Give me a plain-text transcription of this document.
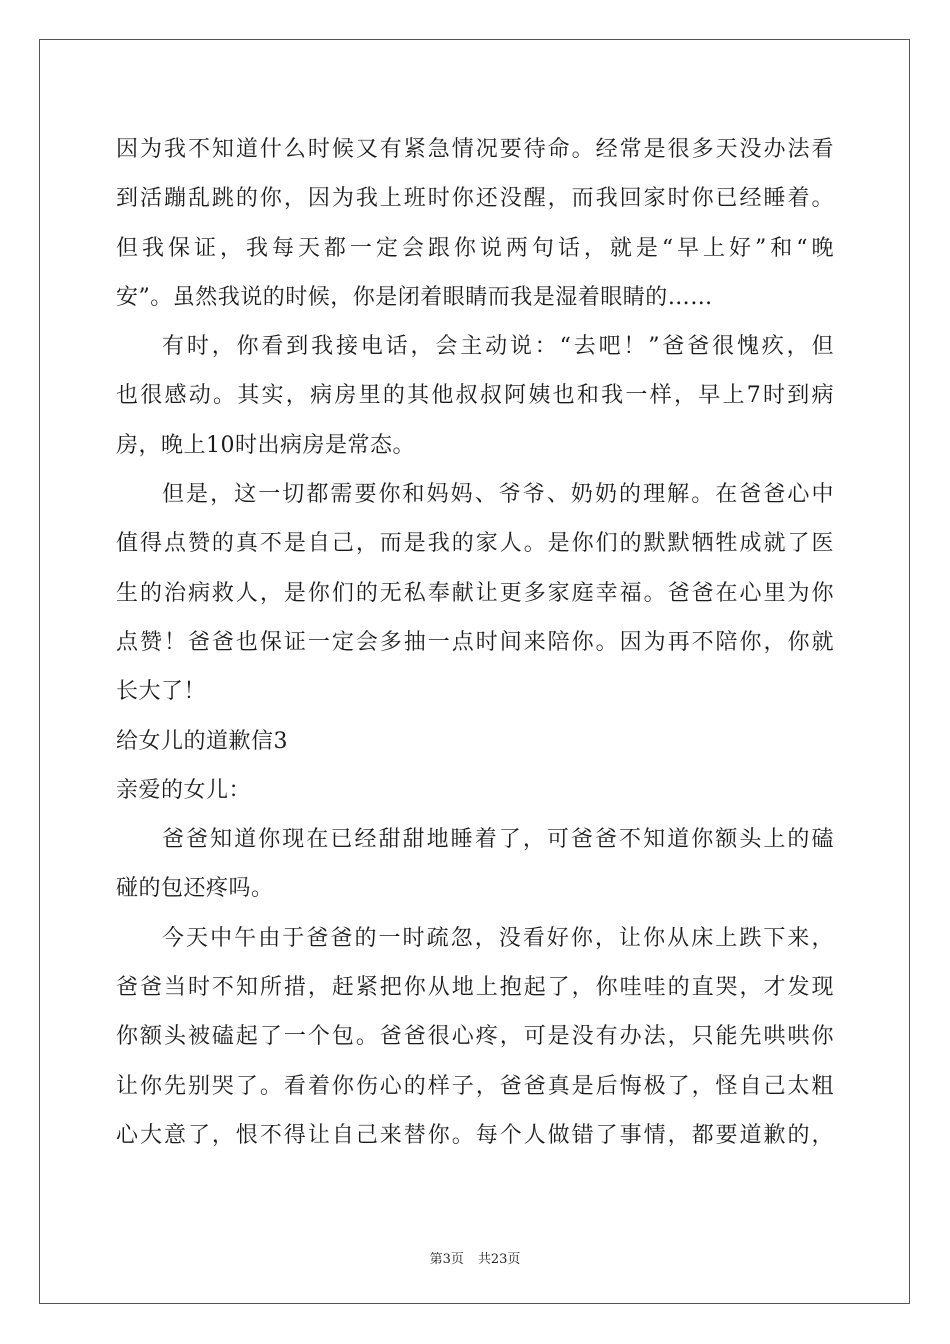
因为我不知道什么时候又有紧急情况要待命。经常是很多天没办法看
到活蹦乱跳的你，因为我上班时你还没醒，而我回家时你已经睡着。
但我保证，我每天都一定会跟你说两句话，就是“早上好”和“晚
安”。虽然我说的时候，你是闭着眼睛而我是湿着眼睛的……
有时，你看到我接电话，会主动说：“去吧！”爸爸很愧疚，但
也很感动。其实，病房里的其他叔叔阿姨也和我一样，早上7时到病
房，晚上10时出病房是常态。
但是，这一切都需要你和妈妈、爷爷、奶奶的理解。在爸爸心中
值得点赞的真不是自己，而是我的家人。是你们的默默牺牲成就了医
生的治病救人，是你们的无私奉献让更多家庭幸福。爸爸在心里为你
点赞！爸爸也保证一定会多抽一点时间来陪你。因为再不陪你，你就
长大了！
给女儿的道歉信3
亲爱的女儿：
爸爸知道你现在已经甜甜地睡着了，可爸爸不知道你额头上的磕
碰的包还疼吗。
今天中午由于爸爸的一时疏忽，没看好你，让你从床上跌下来，
爸爸当时不知所措，赶紧把你从地上抱起了，你哇哇的直哭，才发现
你额头被磕起了一个包。爸爸很心疼，可是没有办法，只能先哄哄你
让你先别哭了。看着你伤心的样子，爸爸真是后悔极了，怪自己太粗
心大意了，恨不得让自己来替你。每个人做错了事情，都要道歉的，
第3页 共23页
